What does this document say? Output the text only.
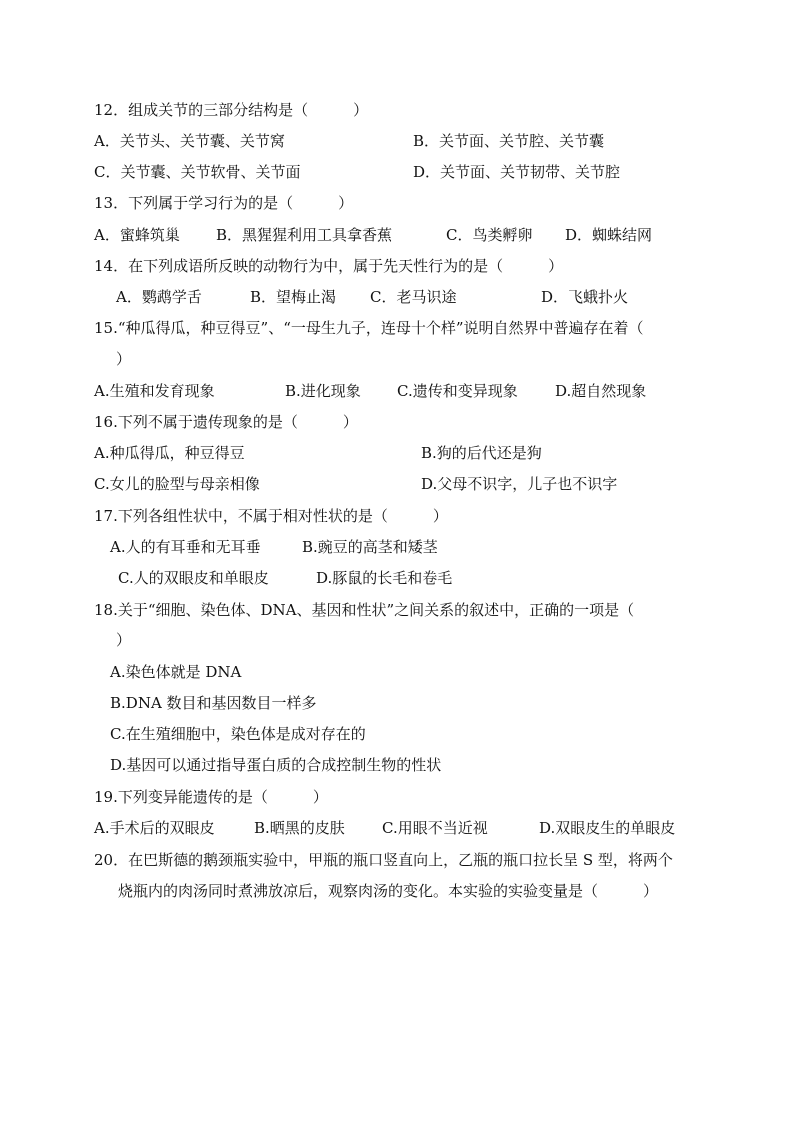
12．组成关节的三部分结构是（　　　）
A．关节头、关节囊、关节窝	B．关节面、关节腔、关节囊
C．关节囊、关节软骨、关节面	D．关节面、关节韧带、关节腔
13．下列属于学习行为的是（　　　）
A．蜜蜂筑巢 B．黑猩猩利用工具拿香蕉	C．鸟类孵卵 D．蜘蛛结网
14．在下列成语所反映的动物行为中，属于先天性行为的是（　　　）
A．鹦鹉学舌	B．望梅止渴 C．老马识途	D．飞蛾扑火
15.“种瓜得瓜，种豆得豆”、“一母生九子，连母十个样”说明自然界中普遍存在着（
）
A.生殖和发育现象	B.进化现象 C.遗传和变异现象 D.超自然现象
16.下列不属于遗传现象的是（　　　）
A.种瓜得瓜，种豆得豆	B.狗的后代还是狗
C.女儿的脸型与母亲相像	D.父母不识字，儿子也不识字
17.下列各组性状中，不属于相对性状的是（　　　）
A.人的有耳垂和无耳垂	B.豌豆的高茎和矮茎
C.人的双眼皮和单眼皮	D.豚鼠的长毛和卷毛
18.关于“细胞、染色体、DNA、基因和性状”之间关系的叙述中，正确的一项是（
）
A.染色体就是 DNA
B.DNA 数目和基因数目一样多
C.在生殖细胞中，染色体是成对存在的
D.基因可以通过指导蛋白质的合成控制生物的性状
19.下列变异能遗传的是（　　　）
A.手术后的双眼皮	B.晒黑的皮肤 C.用眼不当近视	D.双眼皮生的单眼皮
20．在巴斯德的鹅颈瓶实验中，甲瓶的瓶口竖直向上，乙瓶的瓶口拉长呈 S 型，将两个
烧瓶内的肉汤同时煮沸放凉后，观察肉汤的变化。本实验的实验变量是（　　　）
